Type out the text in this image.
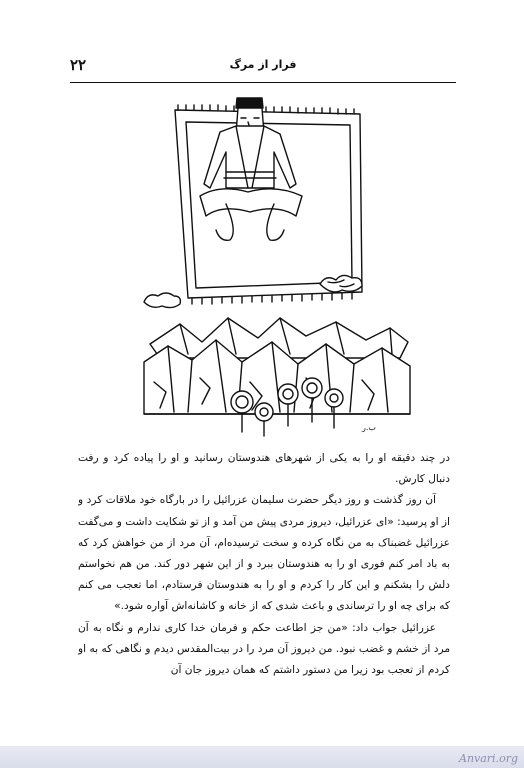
۲۲	فرار از مرگ
ب.ر

در چند دقیقه او را به یکی از شهرهای هندوستان رسانید و او را پیاده کرد و رفت دنبال کارش.

آن روز گذشت و روز دیگر حضرت سلیمان عزرائیل را در بارگاه خود ملاقات کرد و از او پرسید: «ای عزرائیل، دیروز مردی پیش من آمد و از تو شکایت داشت و می‌گفت عزرائیل غضبناک به من نگاه کرده و سخت ترسیده‌ام، آن مرد از من خواهش کرد که به باد امر کنم فوری او را به هندوستان ببرد و از این شهر دور کند. من هم نخواستم دلش را بشکنم و این کار را کردم و او را به هندوستان فرستادم، اما تعجب می کنم که برای چه او را ترساندی و باعث شدی که از خانه و کاشانه‌اش آواره شود.»

عزرائیل جواب داد: «من جز اطاعت حکم و فرمان خدا کاری ندارم و نگاه به آن مرد از خشم و غضب نبود. من دیروز آن مرد را در بیت‌المقدس دیدم و نگاهی که به او کردم از تعجب بود زیرا من دستور داشتم که همان دیروز جان آن

Anvari.org
